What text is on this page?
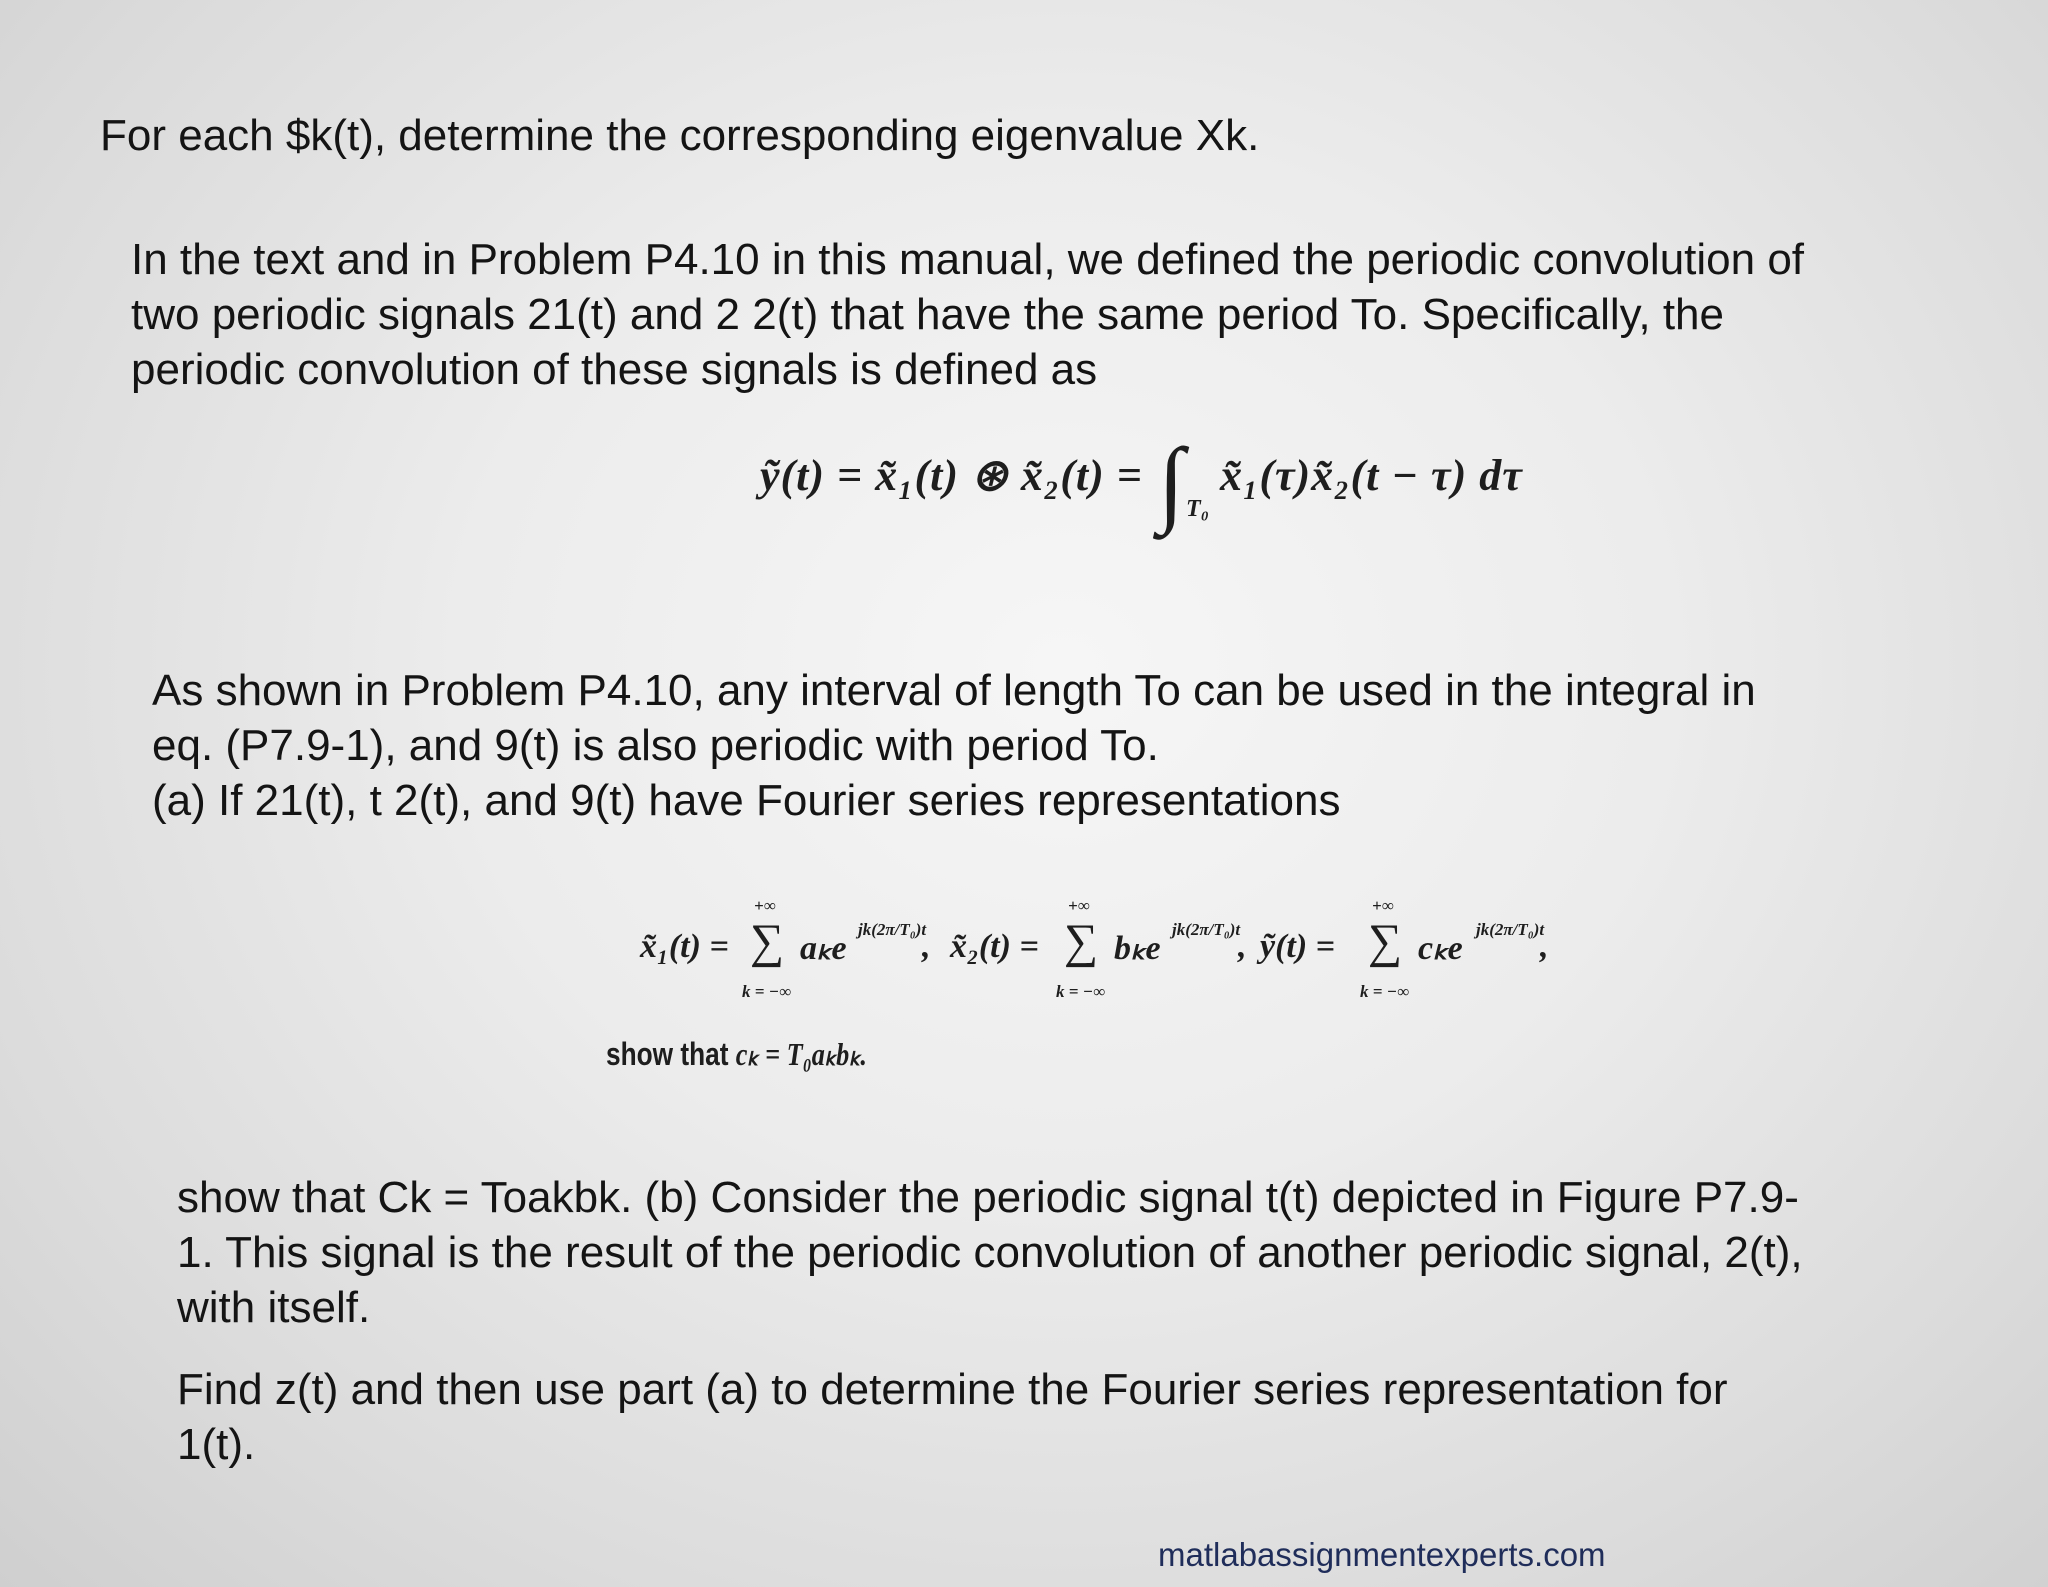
For each $k(t), determine the corresponding eigenvalue Xk.
In the text and in Problem P4.10 in this manual, we defined the periodic convolution of
two periodic signals 21(t) and 2 2(t) that have the same period To. Specifically, the
periodic convolution of these signals is defined as
ỹ(t) = x̃₁(t) ⊛ x̃₂(t) = ∫ T₀
x̃₁(τ)x̃₂(t − τ) dτ
As shown in Problem P4.10, any interval of length To can be used in the integral in
eq. (P7.9-1), and 9(t) is also periodic with period To.
(a) If 21(t), t 2(t), and 9(t) have Fourier series representations
x̃₁(t) =
+∞
∑
k = −∞
aₖe
jk(2π/T₀)t
, x̃₂(t) =
+∞
∑
k = −∞
bₖe
jk(2π/T₀)t
, ỹ(t) =
+∞
∑
k = −∞
cₖe
jk(2π/T₀)t
,
show that cₖ = T₀aₖbₖ.
show that Ck = Toakbk. (b) Consider the periodic signal t(t) depicted in Figure P7.9-
1. This signal is the result of the periodic convolution of another periodic signal, 2(t),
with itself.
Find z(t) and then use part (a) to determine the Fourier series representation for
1(t).
matlabassignmentexperts.com
